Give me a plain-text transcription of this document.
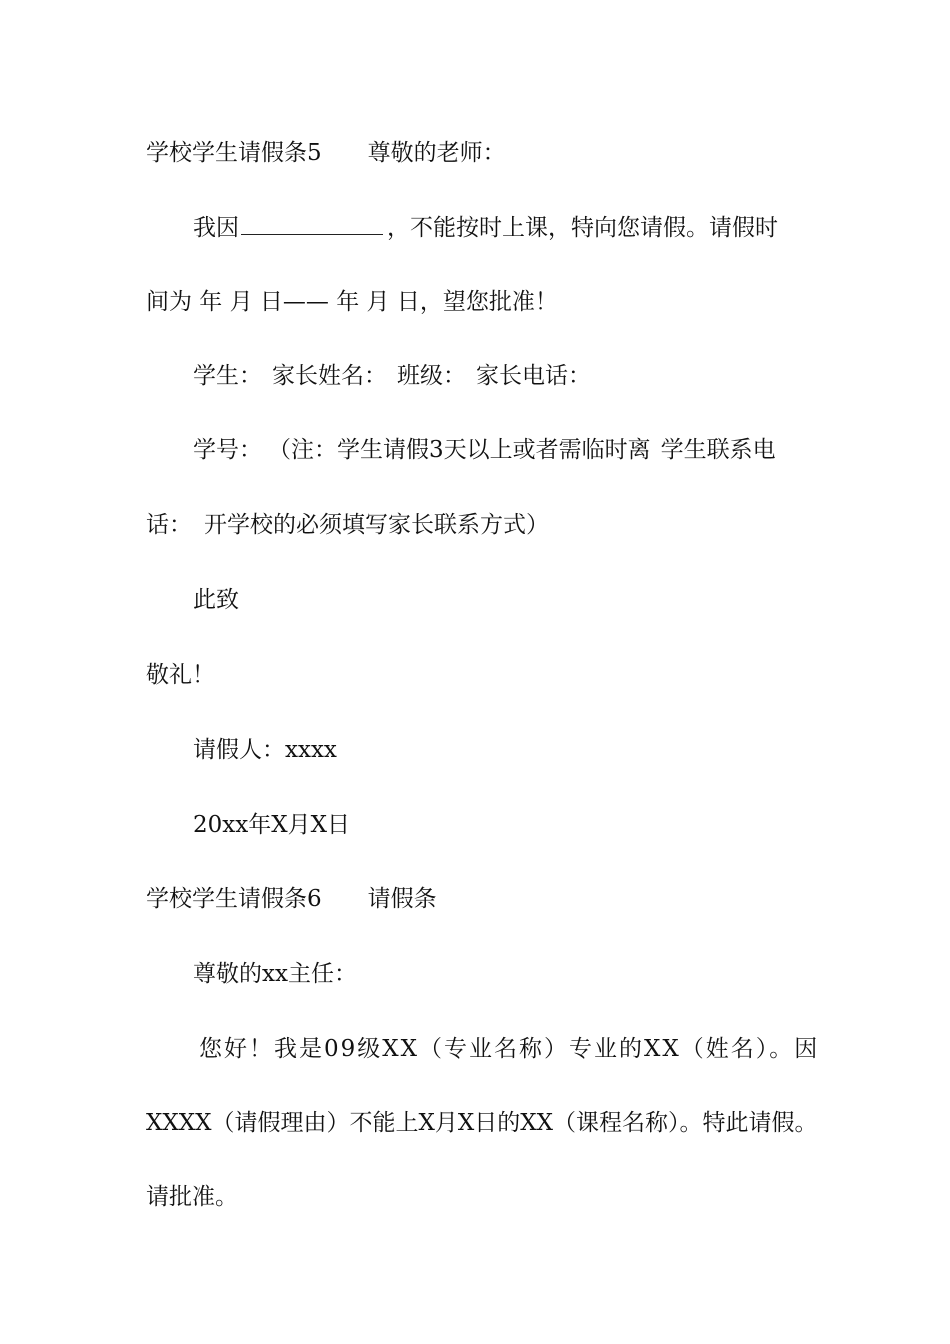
学校学生请假条5 尊敬的老师：

我因	，不能按时上课，特向您请假。请假时

间为 年 月 日—— 年 月 日，望您批准！

学生： 家长姓名： 班级： 家长电话：

学号： （注：学生请假3天以上或者需临时离 学生联系电

话： 开学校的必须填写家长联系方式）

此致

敬礼！

请假人：xxxx

20xx年X月X日

学校学生请假条6 请假条

尊敬的xx主任：

您好！我是09级XX（专业名称）专业的XX（姓名）。因

XXXX（请假理由）不能上X月X日的XX（课程名称）。特此请假。

请批准。
